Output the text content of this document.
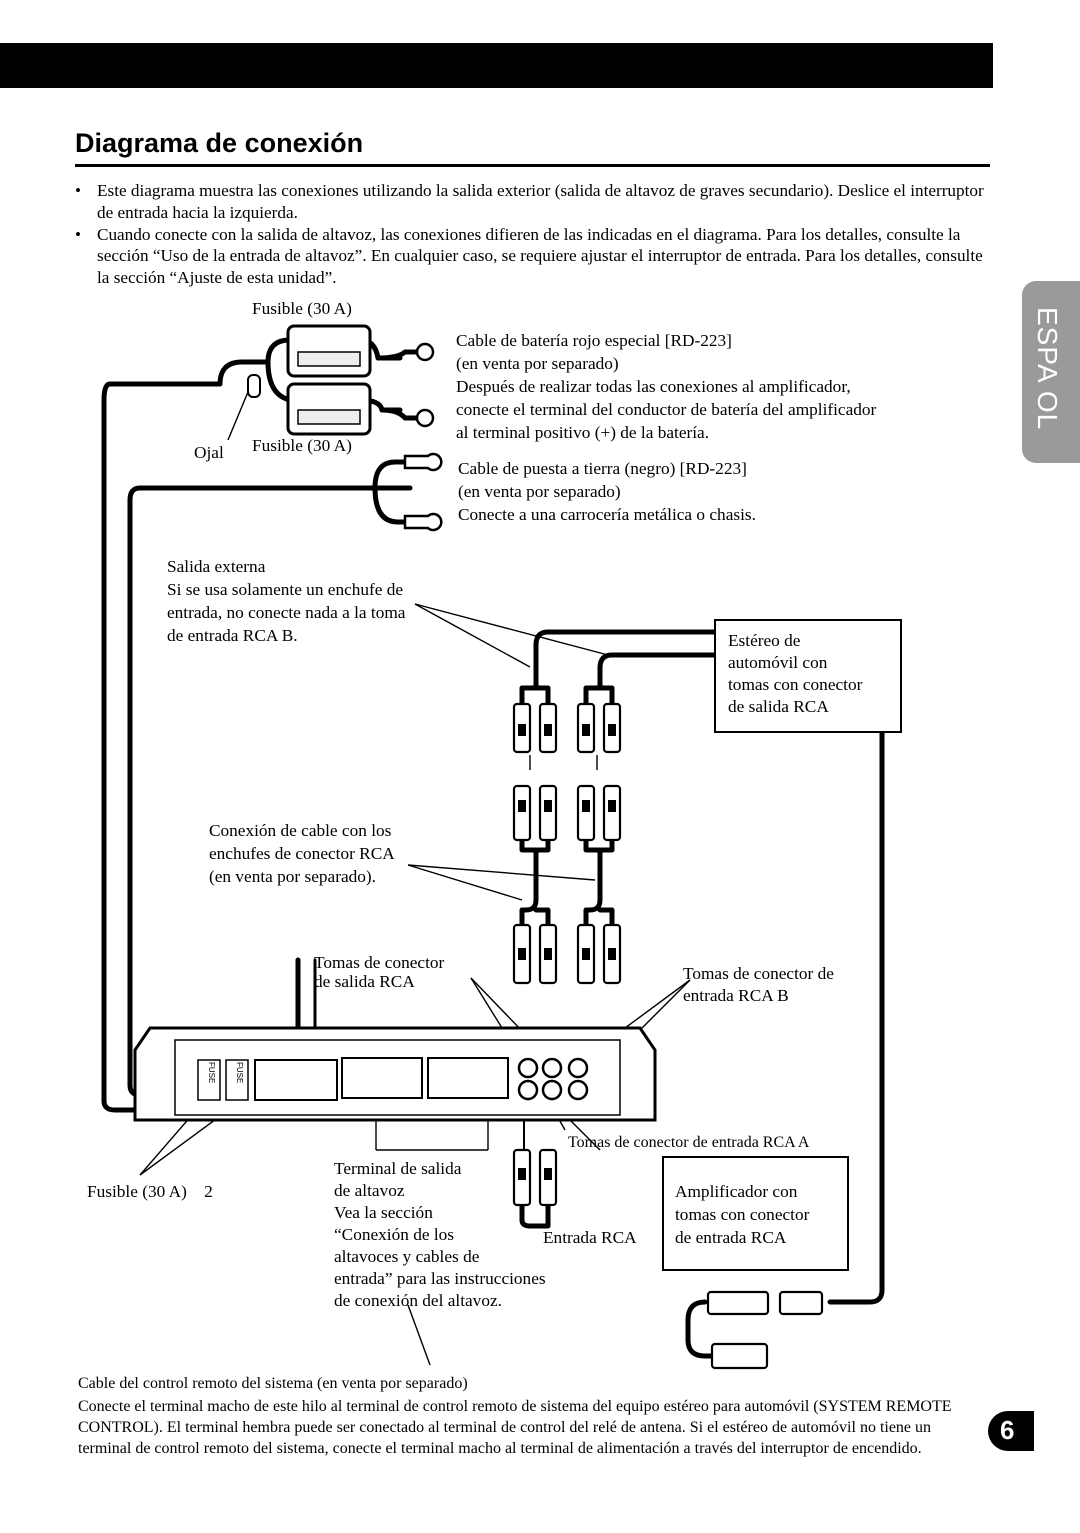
Diagrama de conexión
• Este diagrama muestra las conexiones utilizando la salida exterior (salida de altavoz de graves secundario). Deslice el interruptor de entrada hacia la izquierda.
• Cuando conecte con la salida de altavoz, las conexiones difieren de las indicadas en el diagrama. Para los detalles, consulte la sección “Uso de la entrada de altavoz”. En cualquier caso, se requiere ajustar el interruptor de entrada. Para los detalles, consulte la sección “Ajuste de esta unidad”.
ESPA OL
Fusible (30 A)
Cable de batería rojo especial [RD-223]
(en venta por separado)
Después de realizar todas las conexiones al amplificador,
conecte el terminal del conductor de batería del amplificador
al terminal positivo (+) de la batería.
Ojal Fusible (30 A)
Cable de puesta a tierra (negro) [RD-223]
(en venta por separado)
Conecte a una carrocería metálica o chasis.
Salida externa
Si se usa solamente un enchufe de
entrada, no conecte nada a la toma
de entrada RCA B.	Estéreo de
automóvil con
tomas con conector
de salida RCA
Conexión de cable con los
enchufes de conector RCA
(en venta por separado).
Tomas de conector
de salida RCA	Tomas de conector de
entrada RCA B
Tomas de conector de entrada RCA A
Fusible (30 A)    2
Terminal de salida
de altavoz
Vea la sección
“Conexión de los
altavoces y cables de
entrada” para las instrucciones
de conexión del altavoz.
Entrada RCA
Amplificador con
tomas con conector
de entrada RCA
FUSE FUSE
Cable del control remoto del sistema (en venta por separado)
Conecte el terminal macho de este hilo al terminal de control remoto de sistema del equipo estéreo para automóvil (SYSTEM REMOTE CONTROL). El terminal hembra puede ser conectado al terminal de control del relé de antena. Si el estéreo de automóvil no tiene un terminal de control remoto del sistema, conecte el terminal macho al terminal de alimentación a través del interruptor de encendido.
6
